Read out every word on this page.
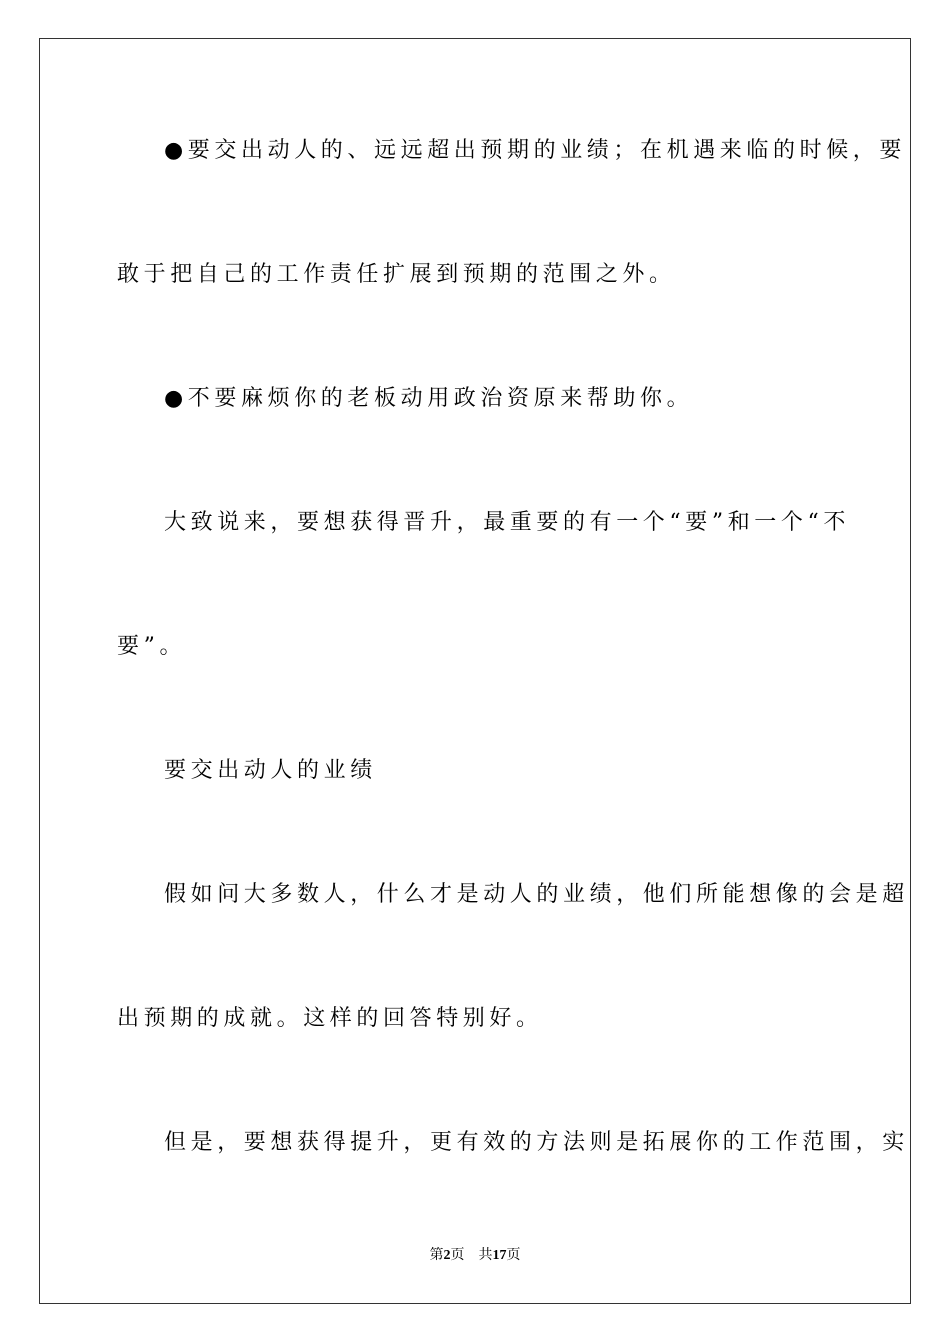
●要交出动人的、远远超出预期的业绩；在机遇来临的时候，要
敢于把自己的工作责任扩展到预期的范围之外。
●不要麻烦你的老板动用政治资原来帮助你。
大致说来，要想获得晋升，最重要的有一个“要”和一个“不
要”。
要交出动人的业绩
假如问大多数人，什么才是动人的业绩，他们所能想像的会是超
出预期的成就。这样的回答特别好。
但是，要想获得提升，更有效的方法则是拓展你的工作范围，实
第2页 共17页
